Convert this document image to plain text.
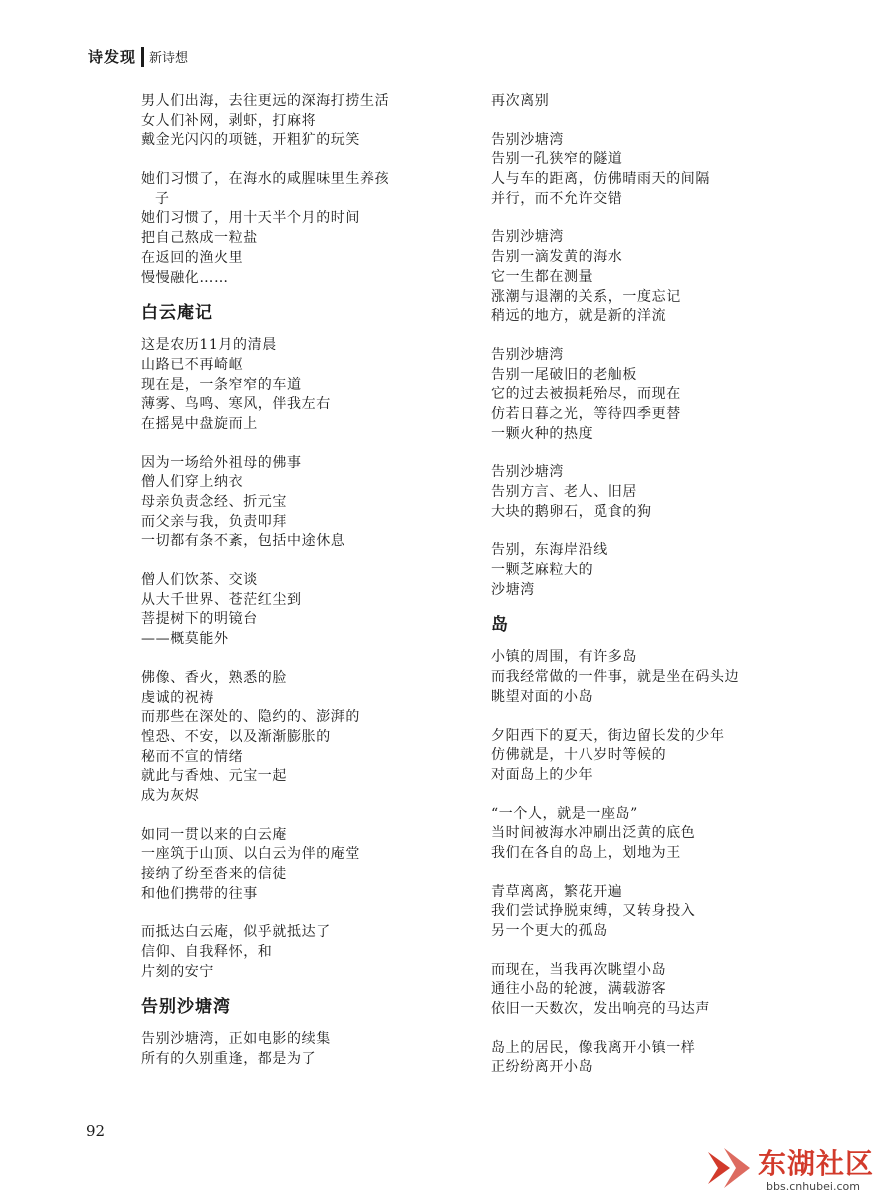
诗发现 新诗想
男人们出海，去往更远的深海打捞生活
女人们补网，剥虾，打麻将
戴金光闪闪的项链，开粗犷的玩笑
她们习惯了，在海水的咸腥味里生养孩
子
她们习惯了，用十天半个月的时间
把自己熬成一粒盐
在返回的渔火里
慢慢融化……
白云庵记
这是农历11月的清晨
山路已不再崎岖
现在是，一条窄窄的车道
薄雾、鸟鸣、寒风，伴我左右
在摇晃中盘旋而上
因为一场给外祖母的佛事
僧人们穿上纳衣
母亲负责念经、折元宝
而父亲与我，负责叩拜
一切都有条不紊，包括中途休息
僧人们饮茶、交谈
从大千世界、苍茫红尘到
菩提树下的明镜台
——概莫能外
佛像、香火，熟悉的脸
虔诚的祝祷
而那些在深处的、隐约的、澎湃的
惶恐、不安，以及渐渐膨胀的
秘而不宣的情绪
就此与香烛、元宝一起
成为灰烬
如同一贯以来的白云庵
一座筑于山顶、以白云为伴的庵堂
接纳了纷至沓来的信徒
和他们携带的往事
而抵达白云庵，似乎就抵达了
信仰、自我释怀，和
片刻的安宁
告别沙塘湾
告别沙塘湾，正如电影的续集
所有的久别重逢，都是为了
再次离别
告别沙塘湾
告别一孔狭窄的隧道
人与车的距离，仿佛晴雨天的间隔
并行，而不允许交错
告别沙塘湾
告别一滴发黄的海水
它一生都在测量
涨潮与退潮的关系，一度忘记
稍远的地方，就是新的洋流
告别沙塘湾
告别一尾破旧的老舢板
它的过去被损耗殆尽，而现在
仿若日暮之光，等待四季更替
一颗火种的热度
告别沙塘湾
告别方言、老人、旧居
大块的鹅卵石，觅食的狗
告别，东海岸沿线
一颗芝麻粒大的
沙塘湾
岛
小镇的周围，有许多岛
而我经常做的一件事，就是坐在码头边
眺望对面的小岛
夕阳西下的夏天，街边留长发的少年
仿佛就是，十八岁时等候的
对面岛上的少年
“一个人，就是一座岛”
当时间被海水冲刷出泛黄的底色
我们在各自的岛上，划地为王
青草离离，繁花开遍
我们尝试挣脱束缚，又转身投入
另一个更大的孤岛
而现在，当我再次眺望小岛
通往小岛的轮渡，满载游客
依旧一天数次，发出响亮的马达声
岛上的居民，像我离开小镇一样
正纷纷离开小岛
92
东湖社区
bbs.cnhubei.com
